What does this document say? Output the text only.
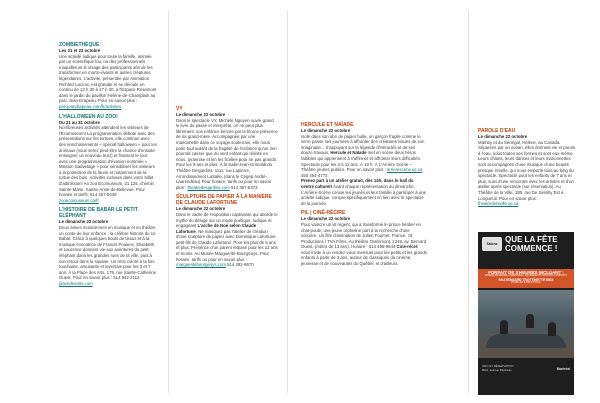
ZOMBIETHÈQUE

Les 21 et 22 octobre

Une activité ludique pour toute la famille, animée par un scientifique fou, ou des professionnels maquilleront le visage des participants afin de les transformer en morts-vivants et autres créatures légendaires. L'activité, présentée par Animation Richard Lacroix, est gratuite et se déroule en continu de 13 h 30 à 17 h 30, à l'Espace Rosemont dans le jardin du pavillon Hélène-de-Champlain au parc Jean-Drapeau. Pour en savoir plus :

parcjeandrapeau.com/fr/activites

L'HALLOWEEN AU ZOO!

Du 21 au 31 octobre

Nombreuses activités attendent les visiteurs de l'Écomuseum! La programmation débute avec des présentations sur les tortues, elle continue avec des enrichissements « spécial halloween » pour les animaux (vous serez peut-être la chance d'ensuite enseigner un nouveau truc!) et finissent le tout avec une programmation d'évasion nommée « Mission Sauvetage » pour sensibiliser les visiteurs à la protection de la faune et notamment de la tortue des bois. Activités incluses dans votre billet d'admission! Au zoo Ecomuseum, 21 125, chemin Sainte-Marie, Sainte-Anne-de-Bellevue. Pour horaire et tarifs: 514 457-9449

zooecomuseum.ca/fr

L'HISTOIRE DE BABAR LE PETIT ÉLÉPHANT

Le dimanche 22 octobre

Deux amies musiciennes en musique et en théâtre un conte de leur enfance : la célèbre histoire du roi Babar. Grâce à quelques bouts de tissus et à la musique évocatrice de Francis Poulenc, Elisabeth et Laurence donnent vie aux aventures du petit éléphant dans les grandes rues de la ville, puis à son retour dans la savane. Un récit coloré à la fois touchante, amusante et inventive pour les 3 et 7 ans. À la Place des Arts, 175, rue Sainte-Catherine Ouest. Pour en savoir plus : 514 842-2112

placedesarts.com

VY

Le dimanche 22 octobre

Dans le spectacle VY, Michèle Nguyen ouvre grand le livre du passé et interprète, on ne peut plus librement, son enfance bercée par la féroce présence de sa grand-mère. Accompagnée par une marionnette dans ce voyage souterrain, elle nous parle tout autant de la fragilité de l'enfance qu'un rien pourrait casser que du vent enfant qui résiste en nous, tyrannise et lim les ficelles pour ne pas grandir. Pour les 9 ans et plus. À la Salle-Jean-Grimaldi du Théâtre Desjardins, 1111, rue Lapierre, Arrondissement LaSalle, (dans le Cégep André-Laurendeau) Pour horaire, tarifs ou pour en savoir plus : theatredesjardins.com 514 367-6373

SCULPTURE DE PAPIER À LA MANIÈRE DE CLAUDE LAFORTUNE

Le dimanche 22 octobre

Dans le cadre de l'exposition captivante qui aborde le mythe du déluge sur un mode poétique, ludique et engageant L'arche de Noé selon Claude Lafortune. Ne manquez pas l'atelier de création d'une sculpture de papier avec Dominique Lafortune, petit-fils de Claude Lafortune. Pour les plus de 5 ans et plus. Présence d'un parent requise pour les 12 ans et moins. Au Musée Marguerite-Bourgeoys. Pour horaire, tarifs ou pour en savoir plus : margueritebourgeoys.com 514 282-8670

HERCULE ET NAÏADE

Le dimanche 22 octobre

Isolé dans son abri de papier bulle, un garçon fragile comme le verre passe ses journées à affronter des créatures issues de son imaginaire... S'appuyant sur la légende d'Héraclès et de ses douze travaux, Hercule et Naïade met en scène deux héros faillibles qui apprennent à s'affirmer et affronter leurs difficultés. Spectacle pour les 3 à 12 ans. À 13 h. À L'Arrière Scène – Théâtre jeunes publics. Pour en savoir plus : arrierescene.qc.ca 450 464-4772

Prenez part à un atelier gratuit, dès 14h, dans le hall du centre culturel! Avant chaque représentation du dimanche, L'Arrière-Scène convie les jeunes et leur famille à participer à une activité ludique, conçue spécifiquement en lien avec le spectacle de la journée.

PIL | CINÉ-RÉCIRE

Le dimanche 22 octobre

Pour vaincre un vil régent, qui a transformé le prince héritier en chat-poule, une jeune orpheline part à la recherche d'une sorcière. Un film d'animation de Julien Fournet, France, 7d Productions / TVA Films. Au théâtre Outremont, 1248, av. Bernard Ouest, (métro de 13 ans). Horaire : 514 495-9944 Ciné-récré vous invite à un rendez-vous mensuel pour les petits et les grands enfants à partir de 3 ans, autour de classiques du cinéma jeunesse et de nouveautés du Québec et d'ailleurs.

PAROLE D'EAU

Le dimanche 22 octobre

Mamby et au Sénégal, Hélène, au Canada. Séparées par un océan, elles donnent vie et parole à l'eau, sous toutes ses formes et sont eux-même. Leurs chants, leurs danses et leurs marionnettes sont accompagnés d'une musique d'une beauté presque irréelle, qui nous emporte tous au long du spectacle. Spectacle pour les enfants de 7 ans et plus, suivi d'une rencontre avec les artistes et d'un atelier après spectacle (sur réservation). Au Théâtre de la Ville, 180, rue De Sentilly Est à Longueuil. Pour en savoir plus : theatredelaville.qc.ca

Salons QUE LA FÊTE COMMENCE !
FORFAIT DE 3 HEURES INCLUANT :
ENTRÉE RÉSERVÉE • ANIMATEUR • ÉQUIPEMENTS SPORTIFS COMPLETS
SKATEBOARD TROTTINETTE BMX
POUR LES 6 ANS ET PLUS
INFO ET RÉSERVATION
8001, avenue Papineau	Montréal
